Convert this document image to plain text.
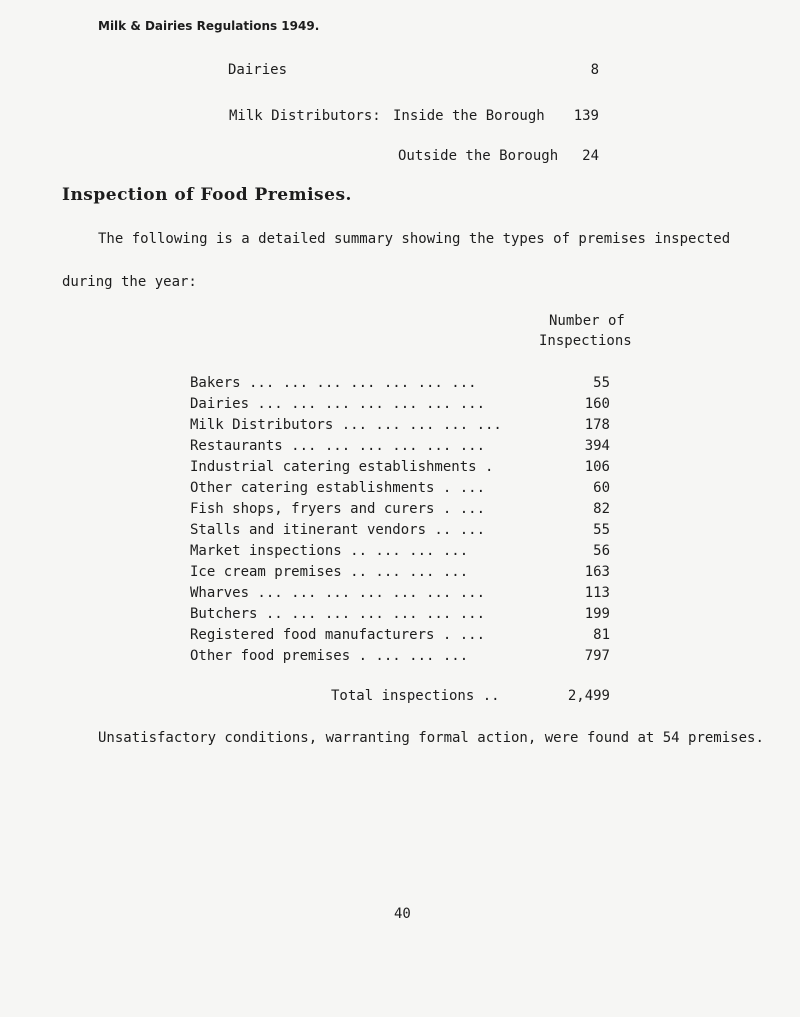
Milk & Dairies Regulations 1949.
Dairies	8
Milk Distributors: Inside the Borough	139
Outside the Borough	24
Inspection of Food Premises.
The following is a detailed summary showing the types of premises inspected
during the year:
Number of
Inspections
Bakers ... ... ... ... ... ... ...	55
Dairies ... ... ... ... ... ... ...	160
Milk Distributors ... ... ... ... ...	178
Restaurants ... ... ... ... ... ...	394
Industrial catering establishments .	106
Other catering establishments . ...	60
Fish shops, fryers and curers . ...	82
Stalls and itinerant vendors .. ...	55
Market inspections .. ... ... ...	56
Ice cream premises .. ... ... ...	163
Wharves ... ... ... ... ... ... ...	113
Butchers .. ... ... ... ... ... ...	199
Registered food manufacturers . ...	81
Other food premises . ... ... ...	797
Total inspections ..	2,499
Unsatisfactory conditions, warranting formal action, were found at 54 premises.
40
